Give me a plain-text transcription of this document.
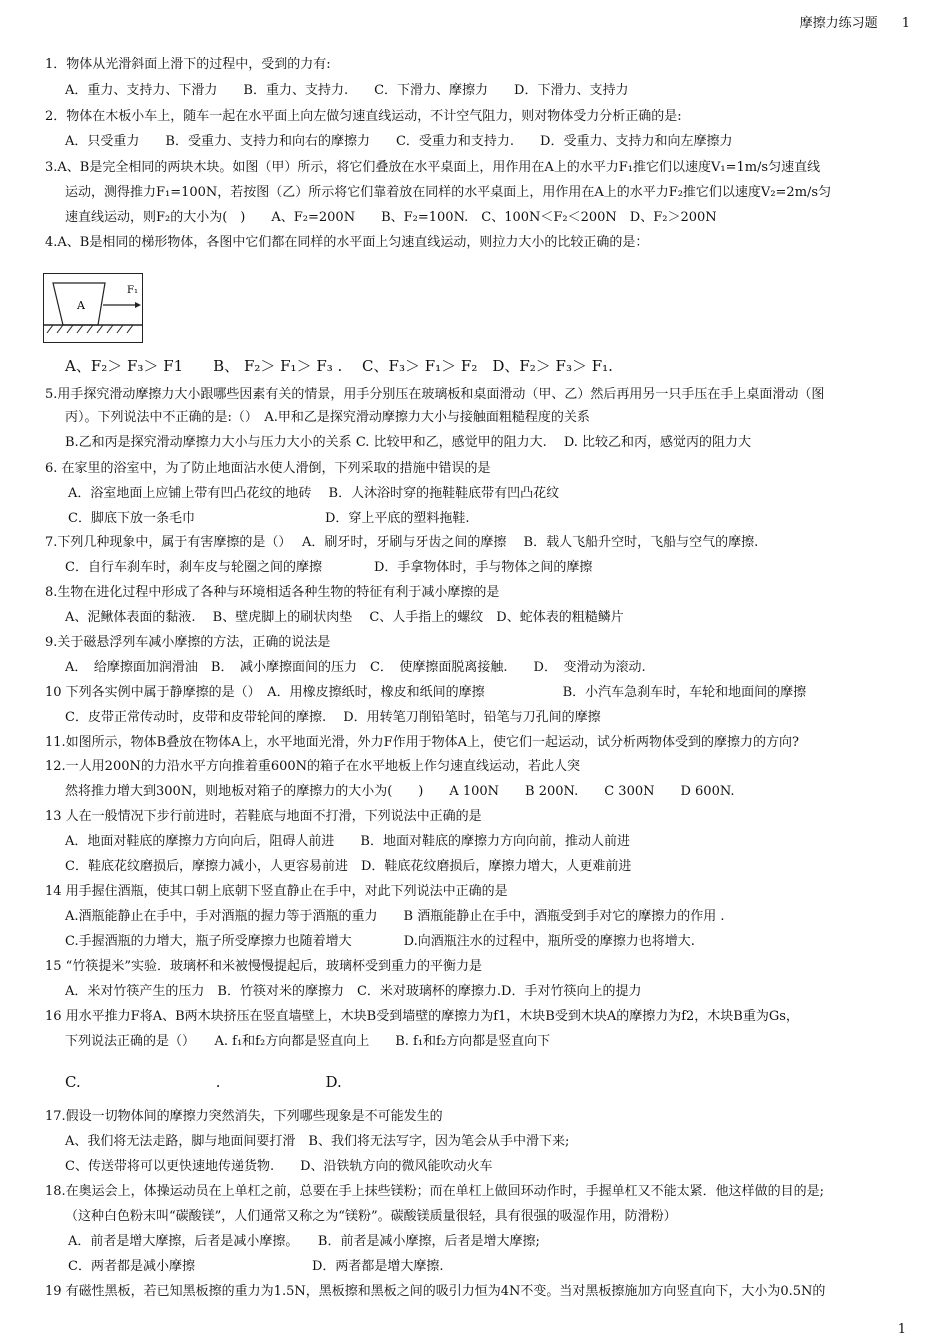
摩擦力练习题 1
1．物体从光滑斜面上滑下的过程中，受到的力有:
A．重力、支持力、下滑力　　B．重力、支持力.　　C．下滑力、摩擦力　　D．下滑力、支持力
2．物体在木板小车上，随车一起在水平面上向左做匀速直线运动，不计空气阻力，则对物体受力分析正确的是:
A．只受重力　　B．受重力、支持力和向右的摩擦力　　C．受重力和支持力.　　D．受重力、支持力和向左摩擦力
3.A、B是完全相同的两块木块。如图（甲）所示，将它们叠放在水平桌面上，用作用在A上的水平力F₁推它们以速度V₁=1m/s匀速直线
运动，测得推力F₁=100N，若按图（乙）所示将它们靠着放在同样的水平桌面上，用作用在A上的水平力F₂推它们以速度V₂=2m/s匀
速直线运动，则F₂的大小为(　)　　A、F₂=200N　　B、F₂=100N.　C、100N＜F₂＜200N　D、F₂＞200N
4.A、B是相同的梯形物体，各图中它们都在同样的水平面上匀速直线运动，则拉力大小的比较正确的是：
A
F₁
A、F₂＞ F₃＞ F1　　B、 F₂＞ F₁＞ F₃ .　 C、F₃＞ F₁＞ F₂　D、F₂＞ F₃＞ F₁.
5.用手探究滑动摩擦力大小跟哪些因素有关的情景，用手分别压在玻璃板和桌面滑动（甲、乙）然后再用另一只手压在手上桌面滑动（图
丙）。下列说法中不正确的是:（）　A.甲和乙是探究滑动摩擦力大小与接触面粗糙程度的关系
B.乙和丙是探究滑动摩擦力大小与压力大小的关系 C. 比较甲和乙，感觉甲的阻力大.　 D. 比较乙和丙，感觉丙的阻力大
6. 在家里的浴室中，为了防止地面沾水使人滑倒，下列采取的措施中错误的是
A．浴室地面上应铺上带有凹凸花纹的地砖　 B．人沐浴时穿的拖鞋鞋底带有凹凸花纹
C．脚底下放一条毛巾　　　　　　　　　　D．穿上平底的塑料拖鞋.
7.下列几种现象中，属于有害摩擦的是（）　 A．刷牙时，牙刷与牙齿之间的摩擦　 B．载人飞船升空时，飞船与空气的摩擦.
C．自行车刹车时，刹车皮与轮圈之间的摩擦　　　　D．手拿物体时，手与物体之间的摩擦
8.生物在进化过程中形成了各种与环境相适各种生物的特征有利于减小摩擦的是
A、泥鳅体表面的黏液.　 B、壁虎脚上的刷状肉垫　 C、人手指上的螺纹　D、蛇体表的粗糙鳞片
9.关于磁悬浮列车减小摩擦的方法，正确的说法是
A．　给摩擦面加润滑油　B．　减小摩擦面间的压力　C．　使摩擦面脱离接触.　　D．　变滑动为滚动.
10 下列各实例中属于静摩擦的是（）　A．用橡皮擦纸时，橡皮和纸间的摩擦　　　　　　B．小汽车急刹车时，车轮和地面间的摩擦
C．皮带正常传动时，皮带和皮带轮间的摩擦.　 D．用转笔刀削铅笔时，铅笔与刀孔间的摩擦
11.如图所示，物体B叠放在物体A上，水平地面光滑，外力F作用于物体A上，使它们一起运动，试分析两物体受到的摩擦力的方向?
12.一人用200N的力沿水平方向推着重600N的箱子在水平地板上作匀速直线运动，若此人突
然将推力增大到300N，则地板对箱子的摩擦力的大小为(　　)　　A 100N　　B 200N.　　C 300N　　D 600N.
13 人在一般情况下步行前进时，若鞋底与地面不打滑，下列说法中正确的是
A．地面对鞋底的摩擦力方向向后，阻碍人前进　　B．地面对鞋底的摩擦力方向向前，推动人前进
C．鞋底花纹磨损后，摩擦力减小，人更容易前进　D．鞋底花纹磨损后，摩擦力增大，人更难前进
14 用手握住酒瓶，使其口朝上底朝下竖直静止在手中，对此下列说法中正确的是
A.酒瓶能静止在手中，手对酒瓶的握力等于酒瓶的重力　　B 酒瓶能静止在手中，酒瓶受到手对它的摩擦力的作用 .
C.手握酒瓶的力增大，瓶子所受摩擦力也随着增大　　　　D.向酒瓶注水的过程中，瓶所受的摩擦力也将增大.
15 “竹筷提米”实验．玻璃杯和米被慢慢提起后，玻璃杯受到重力的平衡力是
A．米对竹筷产生的压力　B．竹筷对米的摩擦力　C．米对玻璃杯的摩擦力.D．手对竹筷向上的提力
16 用水平推力F将A、B两木块挤压在竖直墙壁上，木块B受到墙壁的摩擦力为f1，木块B受到木块A的摩擦力为f2，木块B重为Gs，
下列说法正确的是（）　　A. f₁和f₂方向都是竖直向上　　B. f₁和f₂方向都是竖直向下
C.　　　　　　　　　.　　　　　　　D.
17.假设一切物体间的摩擦力突然消失，下列哪些现象是不可能发生的
A、我们将无法走路，脚与地面间要打滑　B、我们将无法写字，因为笔会从手中滑下来;
C、传送带将可以更快速地传递货物.　　D、沿铁轨方向的微风能吹动火车
18.在奥运会上，体操运动员在上单杠之前，总要在手上抹些镁粉；而在单杠上做回环动作时，手握单杠又不能太紧．他这样做的目的是;
（这种白色粉末叫“碳酸镁”，人们通常又称之为“镁粉”。碳酸镁质量很轻，具有很强的吸湿作用，防滑粉）
A．前者是增大摩擦，后者是减小摩擦。　　B．前者是减小摩擦，后者是增大摩擦;
C．两者都是减小摩擦　　　　　　　　　D．两者都是增大摩擦.
19 有磁性黑板，若已知黑板擦的重力为1.5N，黑板擦和黑板之间的吸引力恒为4N不变。当对黑板擦施加方向竖直向下，大小为0.5N的
1
